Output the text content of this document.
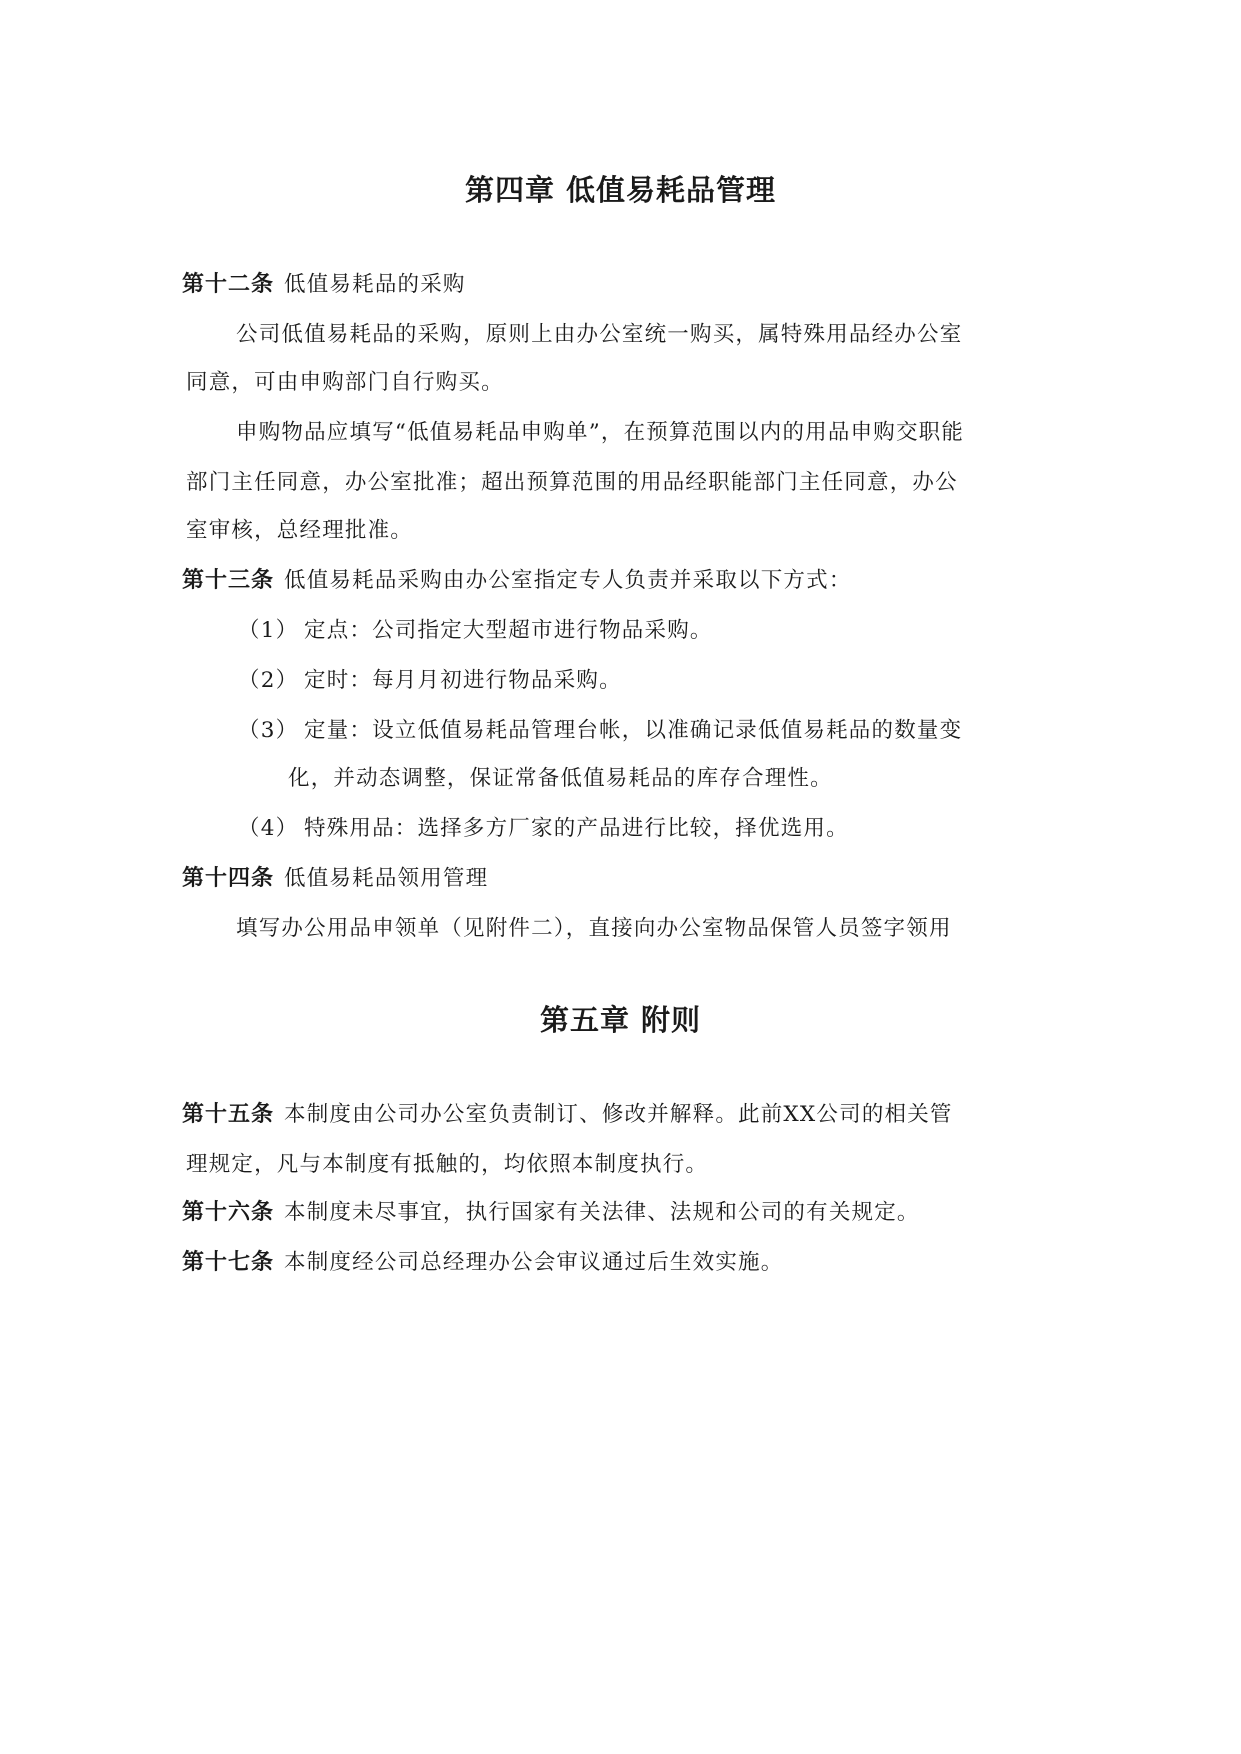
第四章 低值易耗品管理
第十二条 低值易耗品的采购
公司低值易耗品的采购，原则上由办公室统一购买，属特殊用品经办公室
同意，可由申购部门自行购买。
申购物品应填写“低值易耗品申购单”，在预算范围以内的用品申购交职能
部门主任同意，办公室批准；超出预算范围的用品经职能部门主任同意，办公
室审核，总经理批准。
第十三条 低值易耗品采购由办公室指定专人负责并采取以下方式：
（1） 定点：公司指定大型超市进行物品采购。
（2） 定时：每月月初进行物品采购。
（3） 定量：设立低值易耗品管理台帐，以准确记录低值易耗品的数量变
化，并动态调整，保证常备低值易耗品的库存合理性。
（4） 特殊用品：选择多方厂家的产品进行比较，择优选用。
第十四条 低值易耗品领用管理
填写办公用品申领单（见附件二），直接向办公室物品保管人员签字领用
第五章 附则
第十五条 本制度由公司办公室负责制订、修改并解释。此前XX公司的相关管
理规定，凡与本制度有抵触的，均依照本制度执行。
第十六条 本制度未尽事宜，执行国家有关法律、法规和公司的有关规定。
第十七条 本制度经公司总经理办公会审议通过后生效实施。
